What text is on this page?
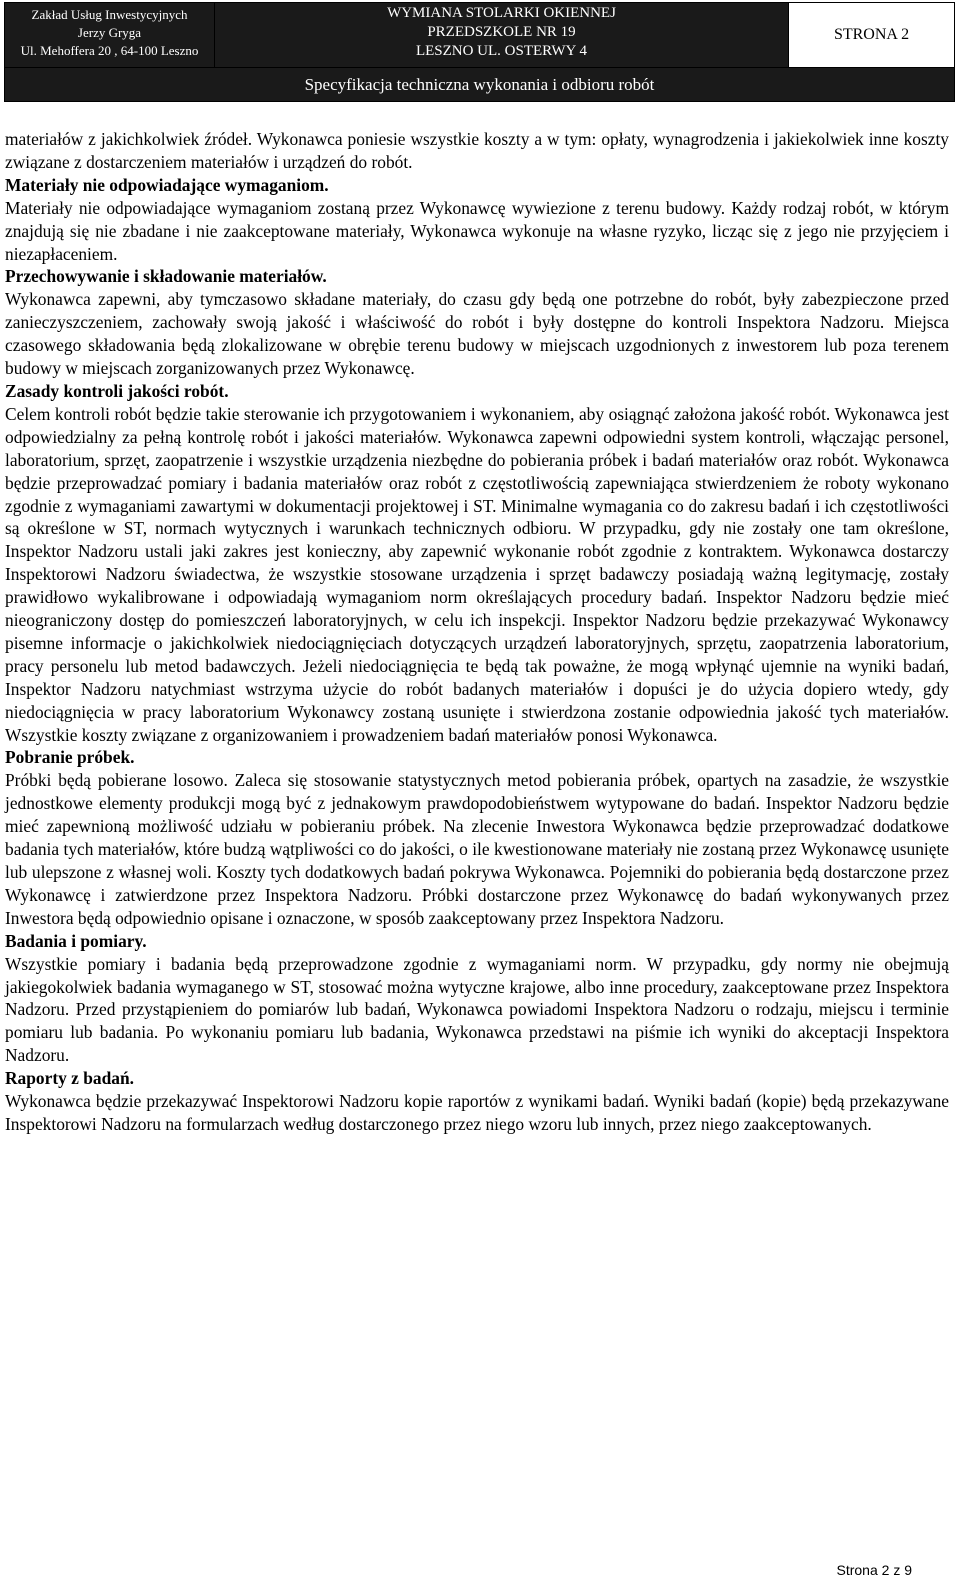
Zakład Usług Inwestycyjnych
Jerzy Gryga
Ul. Mehoffera 20 , 64-100 Leszno
WYMIANA STOLARKI OKIENNEJ
PRZEDSZKOLE NR 19
LESZNO UL. OSTERWY 4
STRONA 2
Specyfikacja techniczna wykonania i odbioru robót

materiałów z jakichkolwiek źródeł. Wykonawca poniesie wszystkie koszty a w tym: opłaty, wynagrodzenia i jakiekolwiek inne koszty związane z dostarczeniem materiałów i urządzeń do robót.

Materiały nie odpowiadające wymaganiom.

Materiały nie odpowiadające wymaganiom zostaną przez Wykonawcę wywiezione z terenu budowy. Każdy rodzaj robót, w którym znajdują się nie zbadane i nie zaakceptowane materiały, Wykonawca wykonuje na własne ryzyko, licząc się z jego nie przyjęciem i niezapłaceniem.

Przechowywanie i składowanie materiałów.

Wykonawca zapewni, aby tymczasowo składane materiały, do czasu gdy będą one potrzebne do robót, były zabezpieczone przed zanieczyszczeniem, zachowały swoją jakość i właściwość do robót i były dostępne do kontroli Inspektora Nadzoru. Miejsca czasowego składowania będą zlokalizowane w obrębie terenu budowy w miejscach uzgodnionych z inwestorem lub poza terenem budowy w miejscach zorganizowanych przez Wykonawcę.

Zasady kontroli jakości robót.

Celem kontroli robót będzie takie sterowanie ich przygotowaniem i wykonaniem, aby osiągnąć założona jakość robót. Wykonawca jest odpowiedzialny za pełną kontrolę robót i jakości materiałów. Wykonawca zapewni odpowiedni system kontroli, włączając personel, laboratorium, sprzęt, zaopatrzenie i wszystkie urządzenia niezbędne do pobierania próbek i badań materiałów oraz robót. Wykonawca będzie przeprowadzać pomiary i badania materiałów oraz robót z częstotliwością zapewniająca stwierdzeniem że roboty wykonano zgodnie z wymaganiami zawartymi w dokumentacji projektowej i ST. Minimalne wymagania co do zakresu badań i ich częstotliwości są określone w ST, normach wytycznych i warunkach technicznych odbioru. W przypadku, gdy nie zostały one tam określone, Inspektor Nadzoru ustali jaki zakres jest konieczny, aby zapewnić wykonanie robót zgodnie z kontraktem. Wykonawca dostarczy Inspektorowi Nadzoru świadectwa, że wszystkie stosowane urządzenia i sprzęt badawczy posiadają ważną legitymację, zostały prawidłowo wykalibrowane i odpowiadają wymaganiom norm określających procedury badań. Inspektor Nadzoru będzie mieć nieograniczony dostęp do pomieszczeń laboratoryjnych, w celu ich inspekcji. Inspektor Nadzoru będzie przekazywać Wykonawcy pisemne informacje o jakichkolwiek niedociągnięciach dotyczących urządzeń laboratoryjnych, sprzętu, zaopatrzenia laboratorium, pracy personelu lub metod badawczych. Jeżeli niedociągnięcia te będą tak poważne, że mogą wpłynąć ujemnie na wyniki badań, Inspektor Nadzoru natychmiast wstrzyma użycie do robót badanych materiałów i dopuści je do użycia dopiero wtedy, gdy niedociągnięcia w pracy laboratorium Wykonawcy zostaną usunięte i stwierdzona zostanie odpowiednia jakość tych materiałów. Wszystkie koszty związane z organizowaniem i prowadzeniem badań materiałów ponosi Wykonawca.

Pobranie próbek.

Próbki będą pobierane losowo. Zaleca się stosowanie statystycznych metod pobierania próbek, opartych na zasadzie, że wszystkie jednostkowe elementy produkcji mogą być z jednakowym prawdopodobieństwem wytypowane do badań. Inspektor Nadzoru będzie mieć zapewnioną możliwość udziału w pobieraniu próbek. Na zlecenie Inwestora Wykonawca będzie przeprowadzać dodatkowe badania tych materiałów, które budzą wątpliwości co do jakości, o ile kwestionowane materiały nie zostaną przez Wykonawcę usunięte lub ulepszone z własnej woli. Koszty tych dodatkowych badań pokrywa Wykonawca. Pojemniki do pobierania będą dostarczone przez Wykonawcę i zatwierdzone przez Inspektora Nadzoru. Próbki dostarczone przez Wykonawcę do badań wykonywanych przez Inwestora będą odpowiednio opisane i oznaczone, w sposób zaakceptowany przez Inspektora Nadzoru.

Badania i pomiary.

Wszystkie pomiary i badania będą przeprowadzone zgodnie z wymaganiami norm. W przypadku, gdy normy nie obejmują jakiegokolwiek badania wymaganego w ST, stosować można wytyczne krajowe, albo inne procedury, zaakceptowane przez Inspektora Nadzoru. Przed przystąpieniem do pomiarów lub badań, Wykonawca powiadomi Inspektora Nadzoru o rodzaju, miejscu i terminie pomiaru lub badania. Po wykonaniu pomiaru lub badania, Wykonawca przedstawi na piśmie ich wyniki do akceptacji Inspektora Nadzoru.

Raporty z badań.

Wykonawca będzie przekazywać Inspektorowi Nadzoru kopie raportów z wynikami badań. Wyniki badań (kopie) będą przekazywane Inspektorowi Nadzoru na formularzach według dostarczonego przez niego wzoru lub innych, przez niego zaakceptowanych.

Strona 2 z 9
